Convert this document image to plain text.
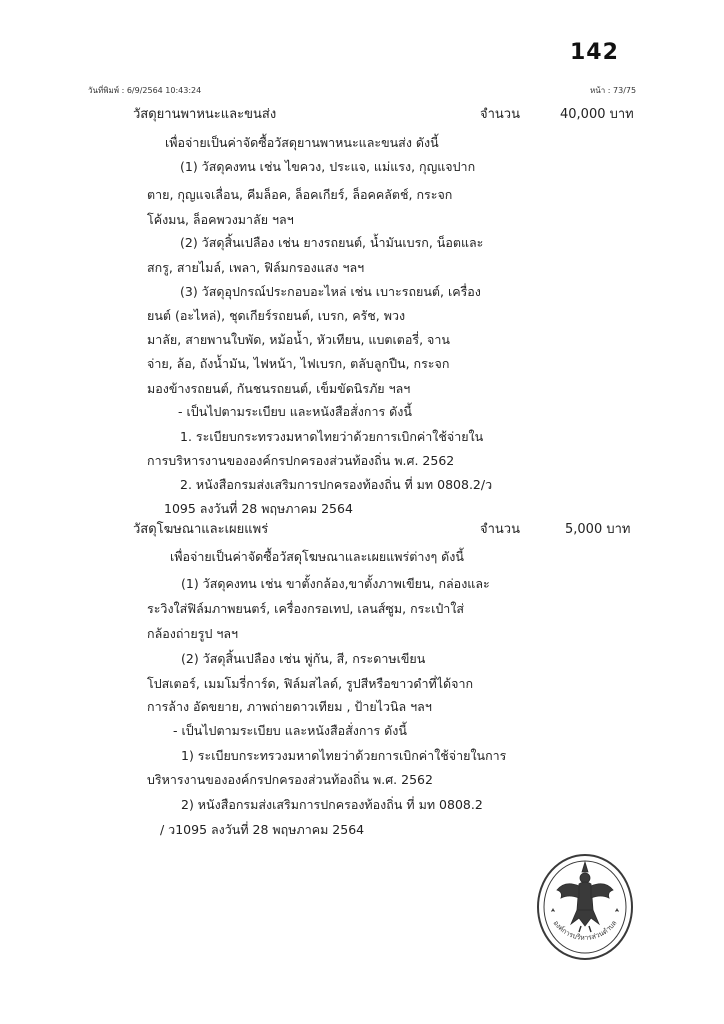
142
วันที่พิมพ์ : 6/9/2564 10:43:24	หน้า : 73/75
วัสดุยานพาหนะและขนส่ง	จำนวน	40,000 บาท
เพื่อจ่ายเป็นค่าจัดซื้อวัสดุยานพาหนะและขนส่ง ดังนี้
(1) วัสดุคงทน เช่น ไขควง, ประแจ, แม่แรง, กุญแจปาก
ตาย, กุญแจเลื่อน, คีมล็อค, ล็อคเกียร์, ล็อคคลัตช์, กระจก
โค้งมน, ล็อคพวงมาลัย ฯลฯ
(2) วัสดุสิ้นเปลือง เช่น ยางรถยนต์, น้ำมันเบรก, น็อตและ
สกรู, สายไมล์, เพลา, ฟิล์มกรองแสง ฯลฯ
(3) วัสดุอุปกรณ์ประกอบอะไหล่ เช่น เบาะรถยนต์, เครื่อง
ยนต์ (อะไหล่), ชุดเกียร์รถยนต์, เบรก, ครัช, พวง
มาลัย, สายพานใบพัด, หม้อน้ำ, หัวเทียน, แบตเตอรี่, จาน
จ่าย, ล้อ, ถังน้ำมัน, ไฟหน้า, ไฟเบรก, ตลับลูกปืน, กระจก
มองข้างรถยนต์, กันชนรถยนต์, เข็มขัดนิรภัย ฯลฯ
- เป็นไปตามระเบียบ และหนังสือสั่งการ ดังนี้
1. ระเบียบกระทรวงมหาดไทยว่าด้วยการเบิกค่าใช้จ่ายใน
การบริหารงานขององค์กรปกครองส่วนท้องถิ่น พ.ศ. 2562
2. หนังสือกรมส่งเสริมการปกครองท้องถิ่น ที่ มท 0808.2/ว
1095 ลงวันที่ 28 พฤษภาคม 2564
วัสดุโฆษณาและเผยแพร่	จำนวน	5,000 บาท
เพื่อจ่ายเป็นค่าจัดซื้อวัสดุโฆษณาและเผยแพร่ต่างๆ ดังนี้
(1) วัสดุคงทน เช่น ขาตั้งกล้อง,ขาตั้งภาพเขียน, กล่องและ
ระวิงใส่ฟิล์มภาพยนตร์, เครื่องกรอเทป, เลนส์ซูม, กระเป๋าใส่
กล้องถ่ายรูป ฯลฯ
(2) วัสดุสิ้นเปลือง เช่น พู่กัน, สี, กระดาษเขียน
โปสเตอร์, เมมโมรี่การ์ด, ฟิล์มสไลด์, รูปสีหรือขาวดำที่ได้จาก
การล้าง อัดขยาย, ภาพถ่ายดาวเทียม , ป้ายไวนิล ฯลฯ
- เป็นไปตามระเบียบ และหนังสือสั่งการ ดังนี้
1) ระเบียบกระทรวงมหาดไทยว่าด้วยการเบิกค่าใช้จ่ายในการ
บริหารงานขององค์กรปกครองส่วนท้องถิ่น พ.ศ. 2562
2) หนังสือกรมส่งเสริมการปกครองท้องถิ่น ที่ มท 0808.2
/ ว1095 ลงวันที่ 28 พฤษภาคม 2564
องค์การบริหารส่วนตำบล
